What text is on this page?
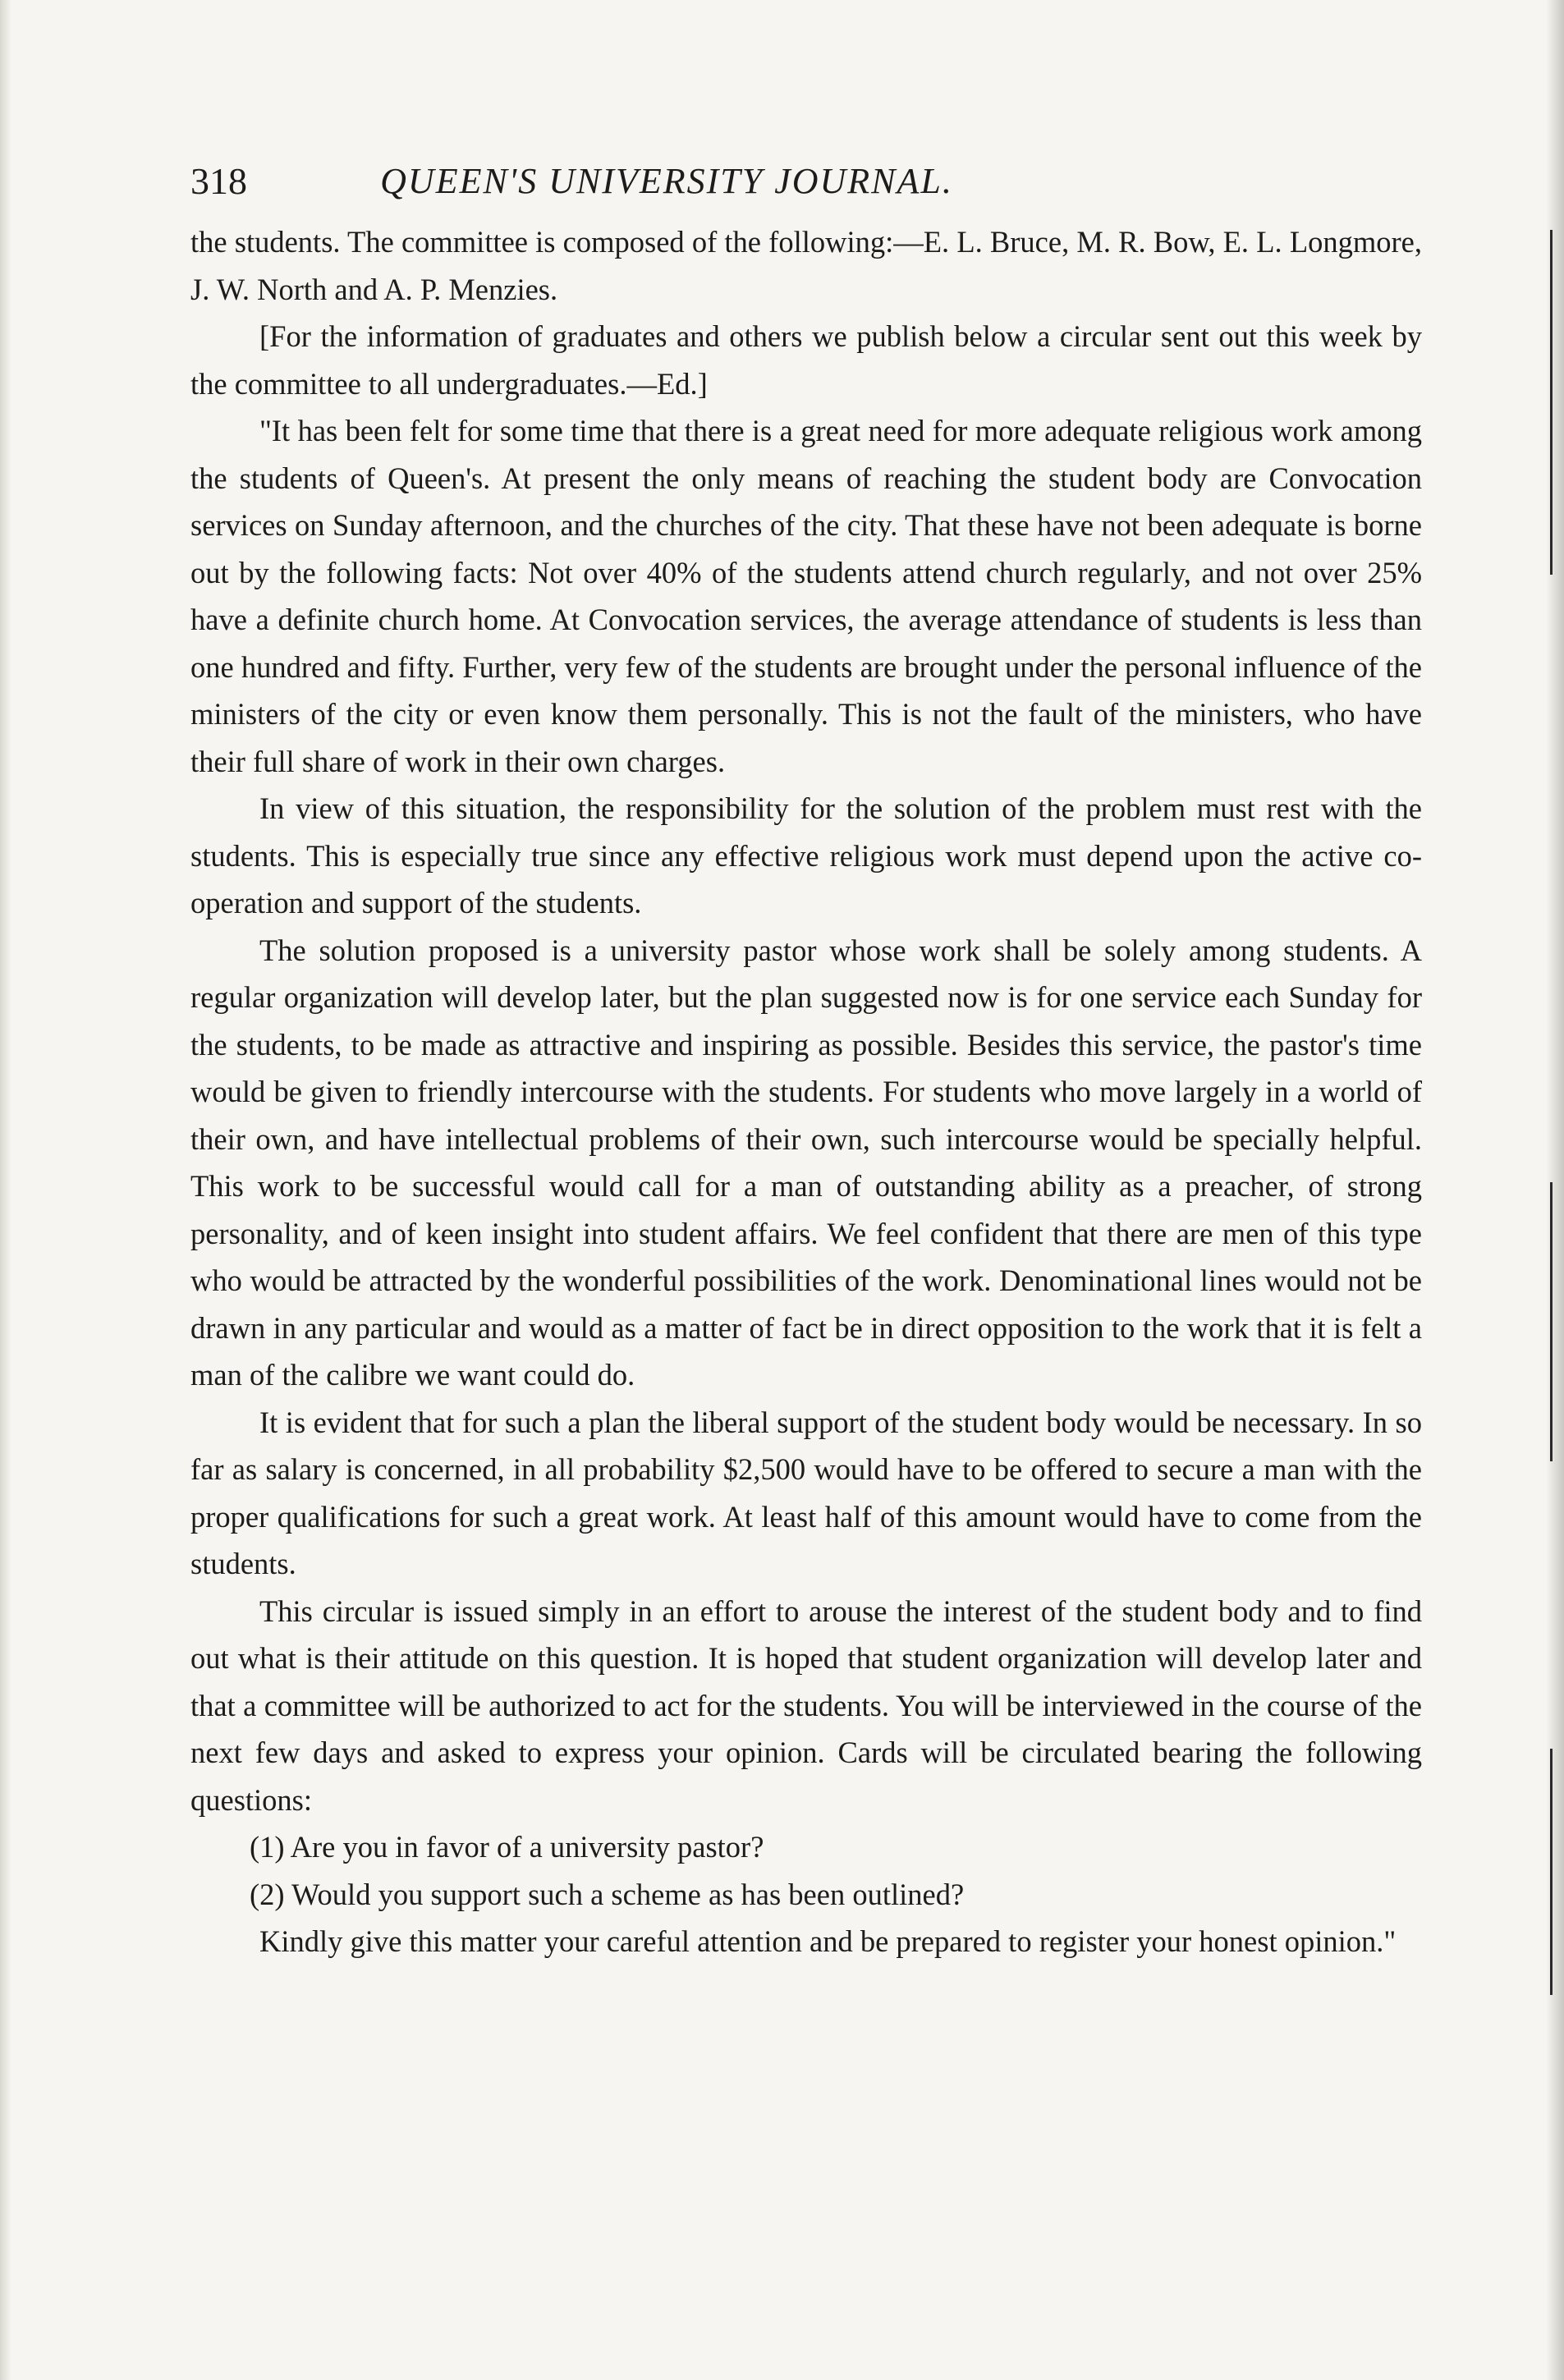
318	QUEEN'S UNIVERSITY JOURNAL.

the students. The committee is composed of the following:—E. L. Bruce, M. R. Bow, E. L. Longmore, J. W. North and A. P. Menzies.

[For the information of graduates and others we publish below a circular sent out this week by the committee to all undergraduates.—Ed.]

"It has been felt for some time that there is a great need for more adequate religious work among the students of Queen's. At present the only means of reaching the student body are Convocation services on Sunday afternoon, and the churches of the city. That these have not been adequate is borne out by the following facts: Not over 40% of the students attend church regularly, and not over 25% have a definite church home. At Convocation services, the average attendance of students is less than one hundred and fifty. Further, very few of the students are brought under the personal influence of the ministers of the city or even know them personally. This is not the fault of the ministers, who have their full share of work in their own charges.

In view of this situation, the responsibility for the solution of the problem must rest with the students. This is especially true since any effective religious work must depend upon the active co-operation and support of the students.

The solution proposed is a university pastor whose work shall be solely among students. A regular organization will develop later, but the plan suggested now is for one service each Sunday for the students, to be made as attractive and inspiring as possible. Besides this service, the pastor's time would be given to friendly intercourse with the students. For students who move largely in a world of their own, and have intellectual problems of their own, such intercourse would be specially helpful. This work to be successful would call for a man of outstanding ability as a preacher, of strong personality, and of keen insight into student affairs. We feel confident that there are men of this type who would be attracted by the wonderful possibilities of the work. Denominational lines would not be drawn in any particular and would as a matter of fact be in direct opposition to the work that it is felt a man of the calibre we want could do.

It is evident that for such a plan the liberal support of the student body would be necessary. In so far as salary is concerned, in all probability $2,500 would have to be offered to secure a man with the proper qualifications for such a great work. At least half of this amount would have to come from the students.

This circular is issued simply in an effort to arouse the interest of the student body and to find out what is their attitude on this question. It is hoped that student organization will develop later and that a committee will be authorized to act for the students. You will be interviewed in the course of the next few days and asked to express your opinion. Cards will be circulated bearing the following questions:

(1) Are you in favor of a university pastor?

(2) Would you support such a scheme as has been outlined?

Kindly give this matter your careful attention and be prepared to register your honest opinion."
